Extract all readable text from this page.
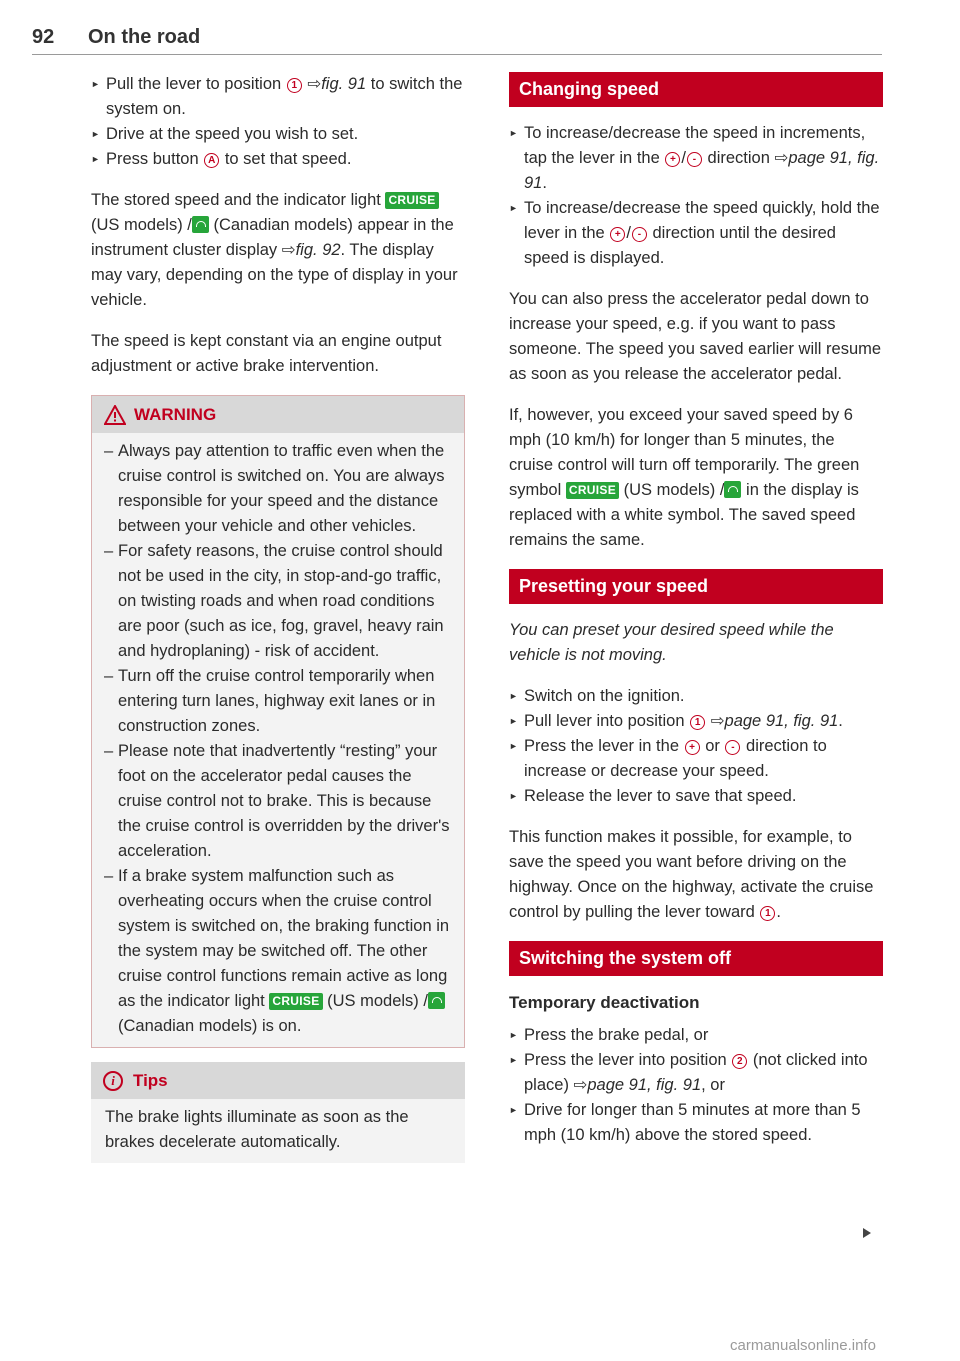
92 On the road
► Pull the lever to position 1 ⇨fig. 91 to switch the system on.
► Drive at the speed you wish to set.
► Press button A to set that speed.

The stored speed and the indicator light CRUISE (US models) / (Canadian models) appear in the instrument cluster display ⇨fig. 92. The display may vary, depending on the type of display in your vehicle.

The speed is kept constant via an engine output adjustment or active brake intervention.

WARNING
– Always pay attention to traffic even when the cruise control is switched on. You are always responsible for your speed and the distance between your vehicle and other vehicles.
– For safety reasons, the cruise control should not be used in the city, in stop-and-go traffic, on twisting roads and when road conditions are poor (such as ice, fog, gravel, heavy rain and hydroplaning) - risk of accident.
– Turn off the cruise control temporarily when entering turn lanes, highway exit lanes or in construction zones.
– Please note that inadvertently “resting” your foot on the accelerator pedal causes the cruise control not to brake. This is because the cruise control is overridden by the driver's acceleration.
– If a brake system malfunction such as overheating occurs when the cruise control system is switched on, the braking function in the system may be switched off. The other cruise control functions remain active as long as the indicator light CRUISE (US models) / (Canadian models) is on.
i	Tips
The brake lights illuminate as soon as the brakes decelerate automatically.
Changing speed
► To increase/decrease the speed in increments, tap the lever in the + / - direction ⇨page 91, fig. 91.
► To increase/decrease the speed quickly, hold the lever in the + / - direction until the desired speed is displayed.

You can also press the accelerator pedal down to increase your speed, e.g. if you want to pass someone. The speed you saved earlier will resume as soon as you release the accelerator pedal.

If, however, you exceed your saved speed by 6 mph (10 km/h) for longer than 5 minutes, the cruise control will turn off temporarily. The green symbol CRUISE (US models) / in the display is replaced with a white symbol. The saved speed remains the same.

Presetting your speed

You can preset your desired speed while the vehicle is not moving.

► Switch on the ignition.
► Pull lever into position 1 ⇨page 91, fig. 91.
► Press the lever in the + or - direction to increase or decrease your speed.
► Release the lever to save that speed.

This function makes it possible, for example, to save the speed you want before driving on the highway. Once on the highway, activate the cruise control by pulling the lever toward 1 .

Switching the system off
Temporary deactivation
► Press the brake pedal, or
► Press the lever into position 2 (not clicked into place) ⇨page 91, fig. 91, or
► Drive for longer than 5 minutes at more than 5 mph (10 km/h) above the stored speed.
carmanualsonline.info
